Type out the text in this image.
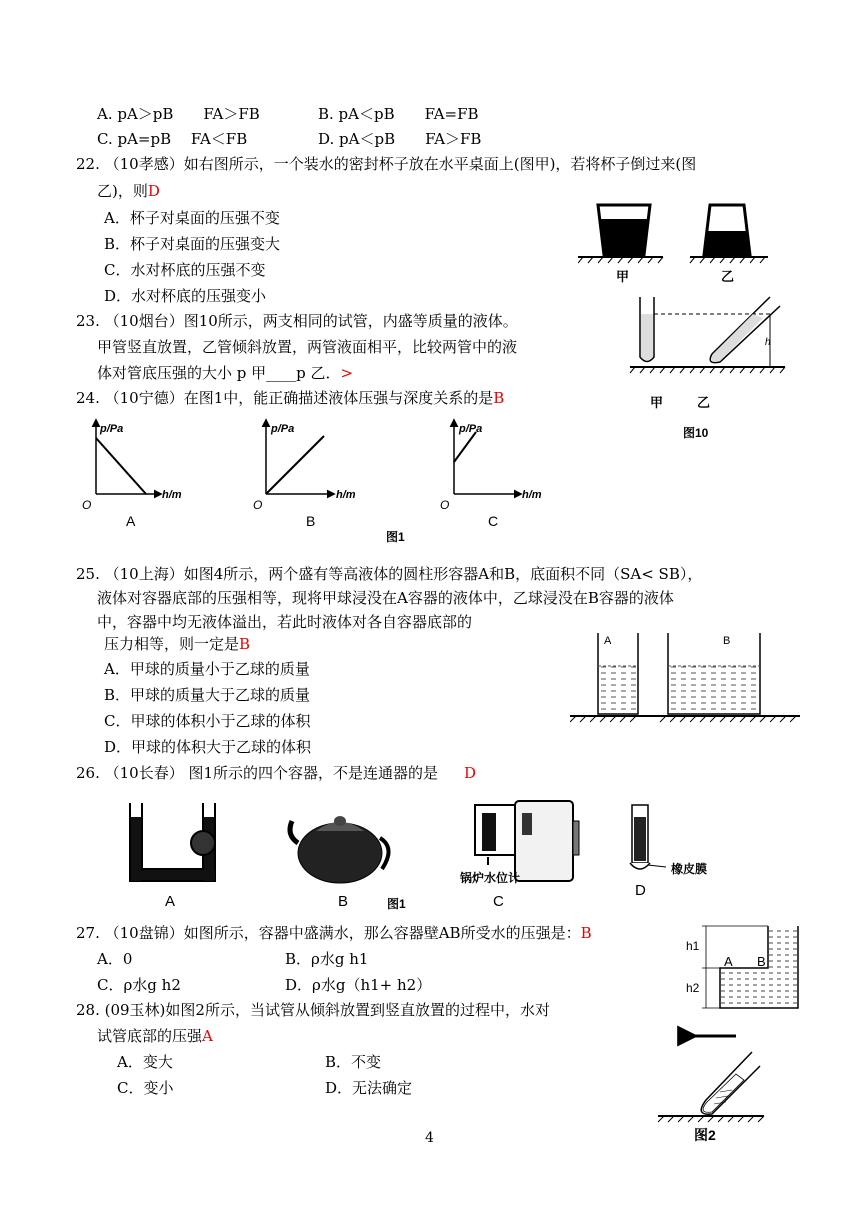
A. pA＞pB　　FA＞FB	B. pA＜pB　　FA=FB
C. pA=pB　 FA＜FB	D. pA＜pB　　FA＞FB
22. （10孝感）如右图所示，一个装水的密封杯子放在水平桌面上(图甲)，若将杯子倒过来(图
乙)，则D
A．杯子对桌面的压强不变
B．杯子对桌面的压强变大
C．水对杯底的压强不变
D．水对杯底的压强变小
甲	乙
23. （10烟台）图10所示，两支相同的试管，内盛等质量的液体。
甲管竖直放置，乙管倾斜放置，两管液面相平，比较两管中的液
体对管底压强的大小 p 甲____p 乙．>
h
甲	乙
图10
24. （10宁德）在图1中，能正确描述液体压强与深度关系的是B
p/Pa
h/m
O
A
p/Pa
h/m
O
B
p/Pa
h/m
O
C
图1
25. （10上海）如图4所示，两个盛有等高液体的圆柱形容器A和B，底面积不同（SA< SB），
液体对容器底部的压强相等，现将甲球浸没在A容器的液体中，乙球浸没在B容器的液体
中，容器中均无液体溢出，若此时液体对各自容器底部的
压力相等，则一定是B
A．甲球的质量小于乙球的质量
B．甲球的质量大于乙球的质量
C．甲球的体积小于乙球的体积
D．甲球的体积大于乙球的体积
A	B
26. （10长春） 图1所示的四个容器，不是连通器的是 D
A	B
锅炉水位计
C
橡皮膜
D
图1
27. （10盘锦）如图所示，容器中盛满水，那么容器壁AB所受水的压强是：B
A．0	B．ρ水g h1
C．ρ水g h2	D．ρ水g（h1+ h2）
h1
h2
A B
28. (09玉林)如图2所示，当试管从倾斜放置到竖直放置的过程中，水对
试管底部的压强A
A．变大	B．不变
C．变小	D．无法确定
图2
4
